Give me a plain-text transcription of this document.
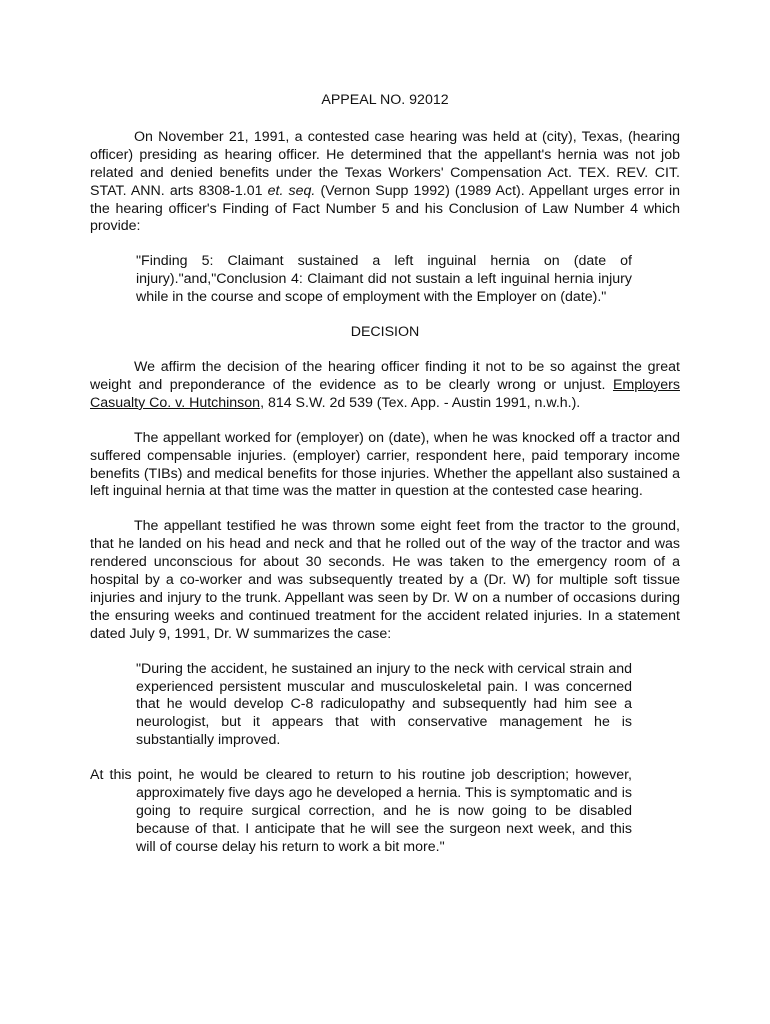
APPEAL NO. 92012

On November 21, 1991, a contested case hearing was held at (city), Texas, (hearing officer) presiding as hearing officer. He determined that the appellant's hernia was not job related and denied benefits under the Texas Workers' Compensation Act. TEX. REV. CIT. STAT. ANN. arts 8308-1.01 et. seq. (Vernon Supp 1992) (1989 Act). Appellant urges error in the hearing officer's Finding of Fact Number 5 and his Conclusion of Law Number 4 which provide:

"Finding 5: Claimant sustained a left inguinal hernia on (date of injury)."and,"Conclusion 4: Claimant did not sustain a left inguinal hernia injury while in the course and scope of employment with the Employer on (date)."
DECISION

We affirm the decision of the hearing officer finding it not to be so against the great weight and preponderance of the evidence as to be clearly wrong or unjust. Employers Casualty Co. v. Hutchinson, 814 S.W. 2d 539 (Tex. App. - Austin 1991, n.w.h.).

The appellant worked for (employer) on (date), when he was knocked off a tractor and suffered compensable injuries. (employer) carrier, respondent here, paid temporary income benefits (TIBs) and medical benefits for those injuries. Whether the appellant also sustained a left inguinal hernia at that time was the matter in question at the contested case hearing.

The appellant testified he was thrown some eight feet from the tractor to the ground, that he landed on his head and neck and that he rolled out of the way of the tractor and was rendered unconscious for about 30 seconds. He was taken to the emergency room of a hospital by a co-worker and was subsequently treated by a (Dr. W) for multiple soft tissue injuries and injury to the trunk. Appellant was seen by Dr. W on a number of occasions during the ensuring weeks and continued treatment for the accident related injuries. In a statement dated July 9, 1991, Dr. W summarizes the case:

"During the accident, he sustained an injury to the neck with cervical strain and experienced persistent muscular and musculoskeletal pain. I was concerned that he would develop C-8 radiculopathy and subsequently had him see a neurologist, but it appears that with conservative management he is substantially improved.
At this point, he would be cleared to return to his routine job description; however, approximately five days ago he developed a hernia. This is symptomatic and is going to require surgical correction, and he is now going to be disabled because of that. I anticipate that he will see the surgeon next week, and this will of course delay his return to work a bit more."
